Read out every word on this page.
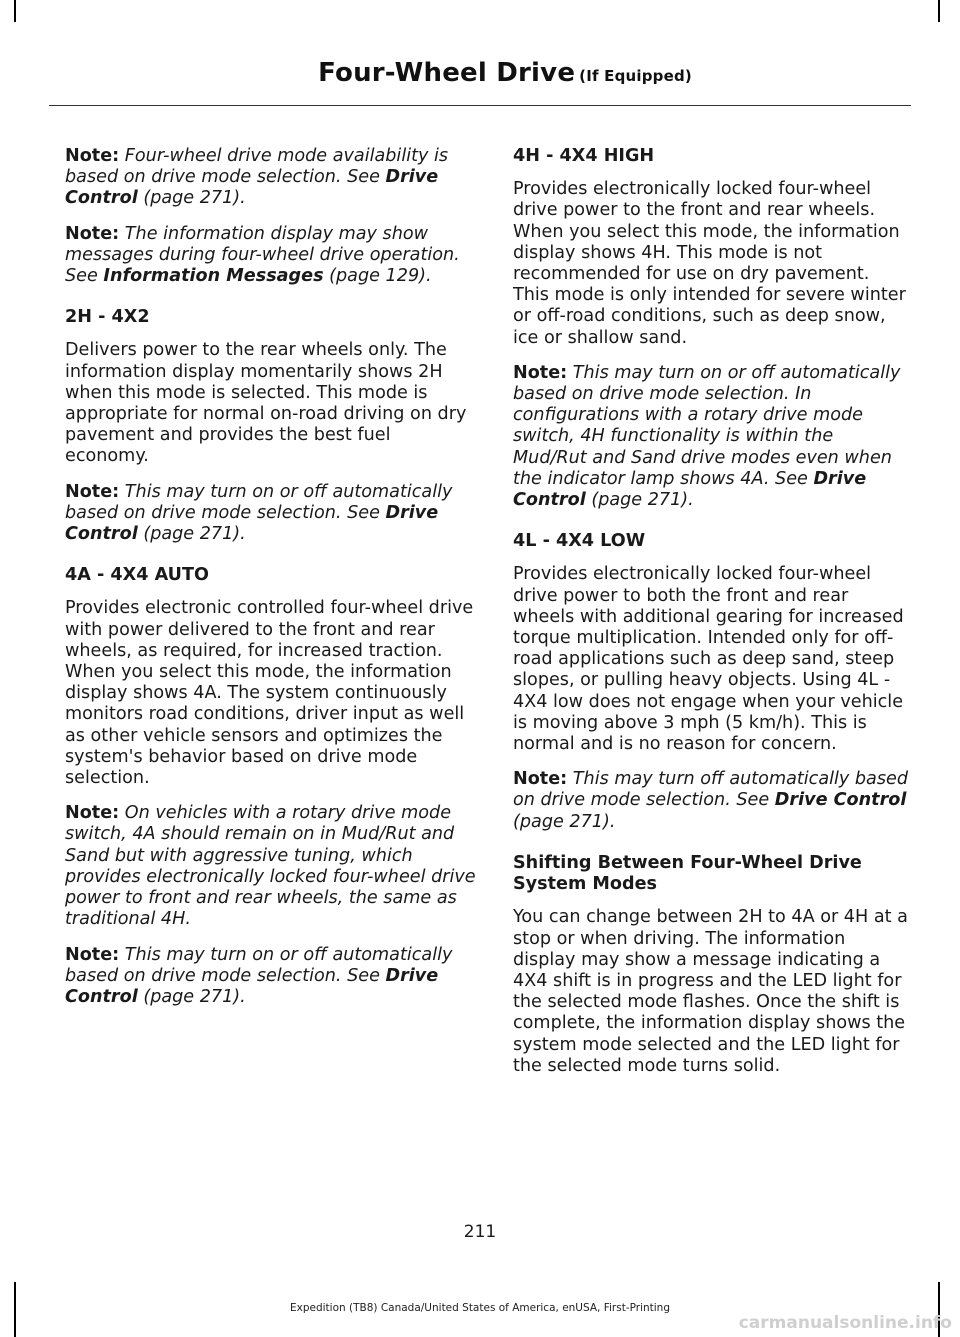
Four-Wheel Drive (If Equipped)

Note: Four-wheel drive mode availability is based on drive mode selection. See Drive Control (page 271).

Note: The information display may show messages during four-wheel drive operation. See Information Messages (page 129).

2H - 4X2

Delivers power to the rear wheels only. The information display momentarily shows 2H when this mode is selected. This mode is appropriate for normal on-road driving on dry pavement and provides the best fuel economy.

Note: This may turn on or off automatically based on drive mode selection. See Drive Control (page 271).

4A - 4X4 AUTO

Provides electronic controlled four-wheel drive with power delivered to the front and rear wheels, as required, for increased traction. When you select this mode, the information display shows 4A. The system continuously monitors road conditions, driver input as well as other vehicle sensors and optimizes the system's behavior based on drive mode selection.

Note: On vehicles with a rotary drive mode switch, 4A should remain on in Mud/Rut and Sand but with aggressive tuning, which provides electronically locked four-wheel drive power to front and rear wheels, the same as traditional 4H.

Note: This may turn on or off automatically based on drive mode selection. See Drive Control (page 271).

4H - 4X4 HIGH

Provides electronically locked four-wheel drive power to the front and rear wheels. When you select this mode, the information display shows 4H. This mode is not recommended for use on dry pavement. This mode is only intended for severe winter or off-road conditions, such as deep snow, ice or shallow sand.

Note: This may turn on or off automatically based on drive mode selection. In configurations with a rotary drive mode switch, 4H functionality is within the Mud/Rut and Sand drive modes even when the indicator lamp shows 4A. See Drive Control (page 271).

4L - 4X4 LOW

Provides electronically locked four-wheel drive power to both the front and rear wheels with additional gearing for increased torque multiplication. Intended only for off-road applications such as deep sand, steep slopes, or pulling heavy objects. Using 4L - 4X4 low does not engage when your vehicle is moving above 3 mph (5 km/h). This is normal and is no reason for concern.

Note: This may turn off automatically based on drive mode selection. See Drive Control (page 271).

Shifting Between Four-Wheel Drive System Modes

You can change between 2H to 4A or 4H at a stop or when driving. The information display may show a message indicating a 4X4 shift is in progress and the LED light for the selected mode flashes. Once the shift is complete, the information display shows the system mode selected and the LED light for the selected mode turns solid.

211
Expedition (TB8) Canada/United States of America, enUSA, First-Printing
carmanualsonline.info
